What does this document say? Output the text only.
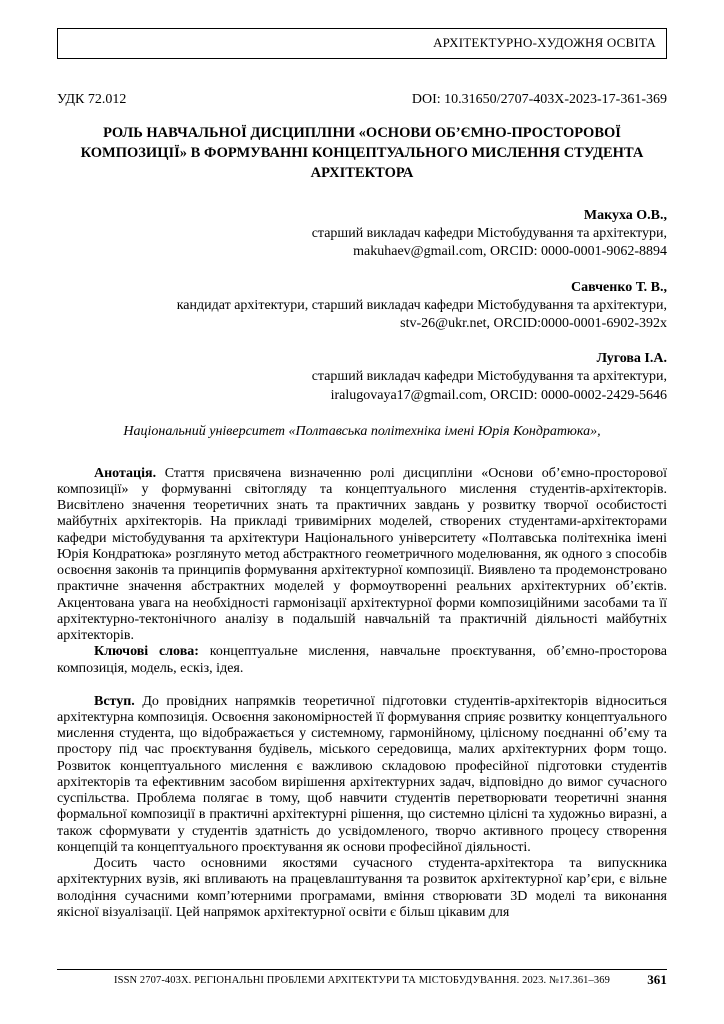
АРХІТЕКТУРНО-ХУДОЖНЯ ОСВІТА
УДК 72.012	DOI: 10.31650/2707-403X-2023-17-361-369
РОЛЬ НАВЧАЛЬНОЇ ДИСЦИПЛІНИ «ОСНОВИ ОБ’ЄМНО-ПРОСТОРОВОЇ КОМПОЗИЦІЇ» В ФОРМУВАННІ КОНЦЕПТУАЛЬНОГО МИСЛЕННЯ СТУДЕНТА АРХІТЕКТОРА
Макуха О.В.,
старший викладач кафедри Містобудування та архітектури,
makuhaev@gmail.com, ORCID: 0000-0001-9062-8894
Савченко Т. В.,
кандидат архітектури, старший викладач кафедри Містобудування та архітектури,
stv-26@ukr.net, ORCID:0000-0001-6902-392x
Лугова І.А.
старший викладач кафедри Містобудування та архітектури,
iralugovaya17@gmail.com, ORCID: 0000-0002-2429-5646
Національний університет «Полтавська політехніка імені Юрія Кондратюка»,
Анотація. Стаття присвячена визначенню ролі дисципліни «Основи об’ємно-просторової композиції» у формуванні світогляду та концептуального мислення студентів-архітекторів. Висвітлено значення теоретичних знать та практичних завдань у розвитку творчої особистості майбутніх архітекторів. На прикладі тривимірних моделей, створених студентами-архітекторами кафедри містобудування та архітектури Національного університету «Полтавська політехніка імені Юрія Кондратюка» розглянуто метод абстрактного геометричного моделювання, як одного з способів освоєння законів та принципів формування архітектурної композиції. Виявлено та продемонстровано практичне значення абстрактних моделей у формоутворенні реальних архітектурних об’єктів. Акцентована увага на необхідності гармонізації архітектурної форми композиційними засобами та її архітектурно-тектонічного аналізу в подальшій навчальній та практичній діяльності майбутніх архітекторів.
Ключові слова: концептуальне мислення, навчальне проєктування, об’ємно-просторова композиція, модель, ескіз, ідея.
Вступ. До провідних напрямків теоретичної підготовки студентів-архітекторів відноситься архітектурна композиція. Освоєння закономірностей її формування сприяє розвитку концептуального мислення студента, що відображається у системному, гармонійному, цілісному поєднанні об’єму та простору під час проєктування будівель, міського середовища, малих архітектурних форм тощо. Розвиток концептуального мислення є важливою складовою професійної підготовки студентів архітекторів та ефективним засобом вирішення архітектурних задач, відповідно до вимог сучасного суспільства. Проблема полягає в тому, щоб навчити студентів перетворювати теоретичні знання формальної композиції в практичні архітектурні рішення, що системно цілісні та художньо виразні, а також сформувати у студентів здатність до усвідомленого, творчо активного процесу створення концепцій та концептуального проєктування як основи професійної діяльності.
Досить часто основними якостями сучасного студента-архітектора та випускника архітектурних вузів, які впливають на працевлаштування та розвиток архітектурної кар’єри, є вільне володіння сучасними комп’ютерними програмами, вміння створювати 3D моделі та виконання якісної візуалізації. Цей напрямок архітектурної освіти є більш цікавим для
ISSN 2707-403X. РЕГІОНАЛЬНІ ПРОБЛЕМИ АРХІТЕКТУРИ ТА МІСТОБУДУВАННЯ. 2023. №17.361–369	361
